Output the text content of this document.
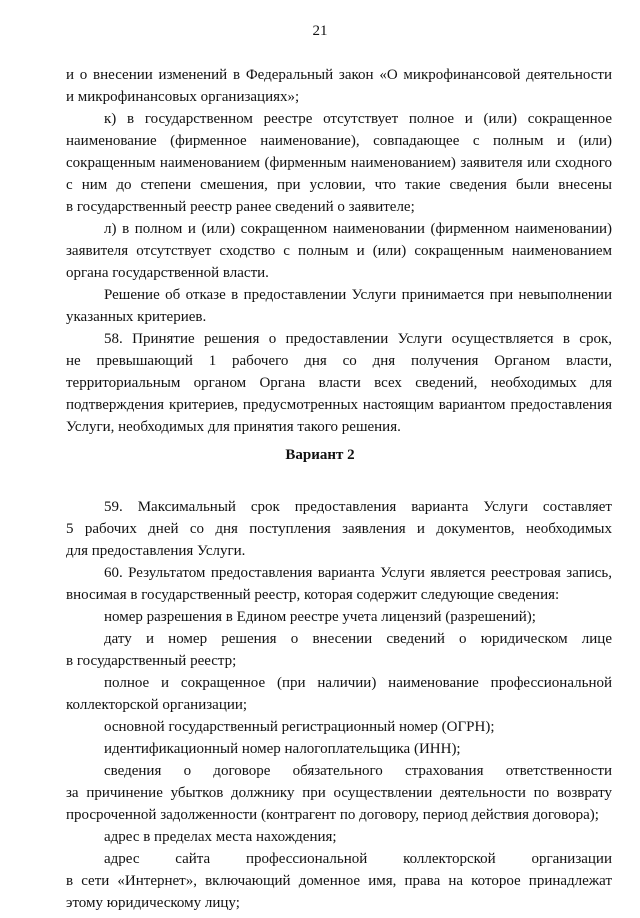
21
и о внесении изменений в Федеральный закон «О микрофинансовой деятельности
и микрофинансовых организациях»;
к) в государственном реестре отсутствует полное и (или) сокращенное
наименование (фирменное наименование), совпадающее с полным и (или)
сокращенным наименованием (фирменным наименованием) заявителя или сходного
с ним до степени смешения, при условии, что такие сведения были внесены
в государственный реестр ранее сведений о заявителе;
л) в полном и (или) сокращенном наименовании (фирменном наименовании)
заявителя отсутствует сходство с полным и (или) сокращенным наименованием
органа государственной власти.
Решение об отказе в предоставлении Услуги принимается при невыполнении
указанных критериев.
58. Принятие решения о предоставлении Услуги осуществляется в срок,
не превышающий 1 рабочего дня со дня получения Органом власти,
территориальным органом Органа власти всех сведений, необходимых для
подтверждения критериев, предусмотренных настоящим вариантом предоставления
Услуги, необходимых для принятия такого решения.
Вариант 2
59. Максимальный срок предоставления варианта Услуги составляет
5 рабочих дней со дня поступления заявления и документов, необходимых
для предоставления Услуги.
60. Результатом предоставления варианта Услуги является реестровая запись,
вносимая в государственный реестр, которая содержит следующие сведения:
номер разрешения в Едином реестре учета лицензий (разрешений);
дату и номер решения о внесении сведений о юридическом лице
в государственный реестр;
полное и сокращенное (при наличии) наименование профессиональной
коллекторской организации;
основной государственный регистрационный номер (ОГРН);
идентификационный номер налогоплательщика (ИНН);
сведения о договоре обязательного страхования ответственности
за причинение убытков должнику при осуществлении деятельности по возврату
просроченной задолженности (контрагент по договору, период действия договора);
адрес в пределах места нахождения;
адрес сайта профессиональной коллекторской организации
в сети «Интернет», включающий доменное имя, права на которое принадлежат
этому юридическому лицу;
